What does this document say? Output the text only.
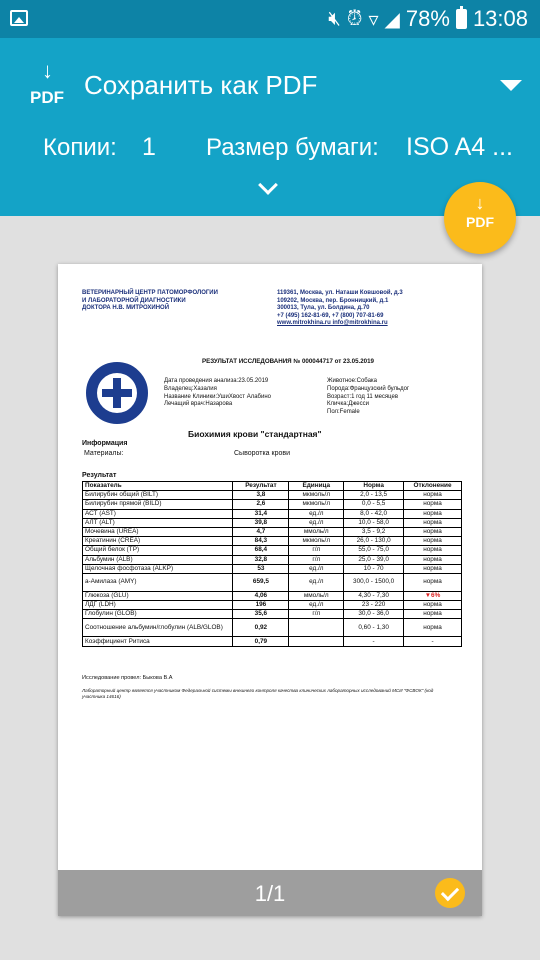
🔇︎ ⏰︎ ▿ ◢ 78% 13:08
↓
PDF Сохранить как PDF
Копии: 1 Размер бумаги: ISO A4 ...
↓
PDF
ВЕТЕРИНАРНЫЙ ЦЕНТР ПАТОМОРФОЛОГИИ
И ЛАБОРАТОРНОЙ ДИАГНОСТИКИ
ДОКТОРА Н.В. МИТРОХИНОЙ
119361, Москва, ул. Наташи Ковшовой, д.3
109202, Москва, пер. Бронницкий, д.1
300013, Тула, ул. Болдина, д.70
+7 (495) 162-81-69, +7 (800) 707-81-69
www.mitrokhina.ru info@mitrokhina.ru
РЕЗУЛЬТАТ ИССЛЕДОВАНИЯ № 000044717 от 23.05.2019
Дата проведения анализа:23.05.2019
Владелец:Хазалия
Название Клиники:УшиХвост Алабино
Лечащий врач:Назарова
Животное:Собака
Порода:Французский бульдог
Возраст:1 год 11 месяцев
Кличка:Джесси
Пол:Female
Биохимия крови "стандартная"
Информация
Материалы:	Сыворотка крови
Результат
Показатель	Результат	Единица	Норма	Отклонение
Билирубин общий (BILT)	3,8	мкмоль/л	2,0 - 13,5	норма
Билирубин прямой (BILD)	2,6	мкмоль/л	0,0 - 5,5	норма
АСТ (AST)	31,4	ед./л	8,0 - 42,0	норма
АЛТ (ALT)	39,8	ед./л	10,0 - 58,0	норма
Мочевина (UREA)	4,7	ммоль/л	3,5 - 9,2	норма
Креатинин (CREA)	84,3	мкмоль/л	26,0 - 130,0	норма
Общий белок (TP)	68,4	г/л	55,0 - 75,0	норма
Альбумин (ALB)	32,8	г/л	25,0 - 39,0	норма
Щелочная фосфотаза (ALKP)	53	ед./л	10 - 70	норма
а-Амилаза (AMY)	659,5	ед./л	300,0 - 1500,0	норма
Глюкоза (GLU)	4,06	ммоль/л	4,30 - 7,30	▼6%
ЛДГ (LDH)	196	ед./л	23 - 220	норма
Глобулин (GLOB)	35,6	г/л	30,0 - 36,0	норма
Соотношение альбумин/глобулин (ALB/GLOB)	0,92		0,60 - 1,30	норма
Коэффициент Ритиса	0,79		-	-
Исследование провел: Быкова В.А
Лабораторный центр является участником Федеральной системы внешнего контроля качества клинических лабораторных исследований МСИ "ФСВОК" (код участника 14616)
1/1
